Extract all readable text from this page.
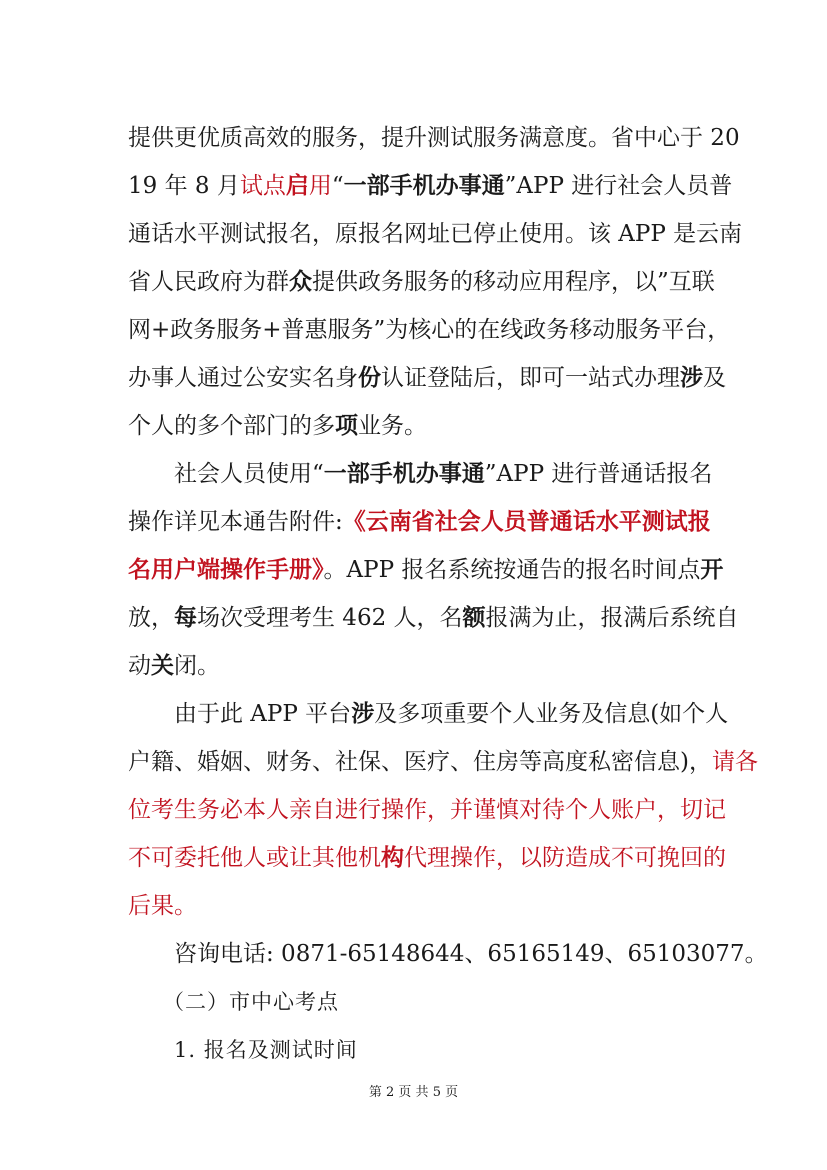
提供更优质高效的服务，提升测试服务满意度。省中心于 20
19 年 8 月试点启用“一部手机办事通”APP 进行社会人员普
通话水平测试报名，原报名网址已停止使用。该 APP 是云南
省人民政府为群众提供政务服务的移动应用程序，以”互联
网+政务服务+普惠服务”为核心的在线政务移动服务平台，
办事人通过公安实名身份认证登陆后，即可一站式办理涉及
个人的多个部门的多项业务。
社会人员使用“一部手机办事通”APP 进行普通话报名
操作详见本通告附件:《云南省社会人员普通话水平测试报
名用户端操作手册》。APP 报名系统按通告的报名时间点开
放，每场次受理考生 462 人，名额报满为止，报满后系统自
动关闭。
由于此 APP 平台涉及多项重要个人业务及信息(如个人
户籍、婚姻、财务、社保、医疗、住房等高度私密信息)，请各
位考生务必本人亲自进行操作，并谨慎对待个人账户，切记
不可委托他人或让其他机构代理操作，以防造成不可挽回的
后果。
咨询电话: 0871-65148644、65165149、65103077。
（二）市中心考点
1. 报名及测试时间
第 2 页 共 5 页
